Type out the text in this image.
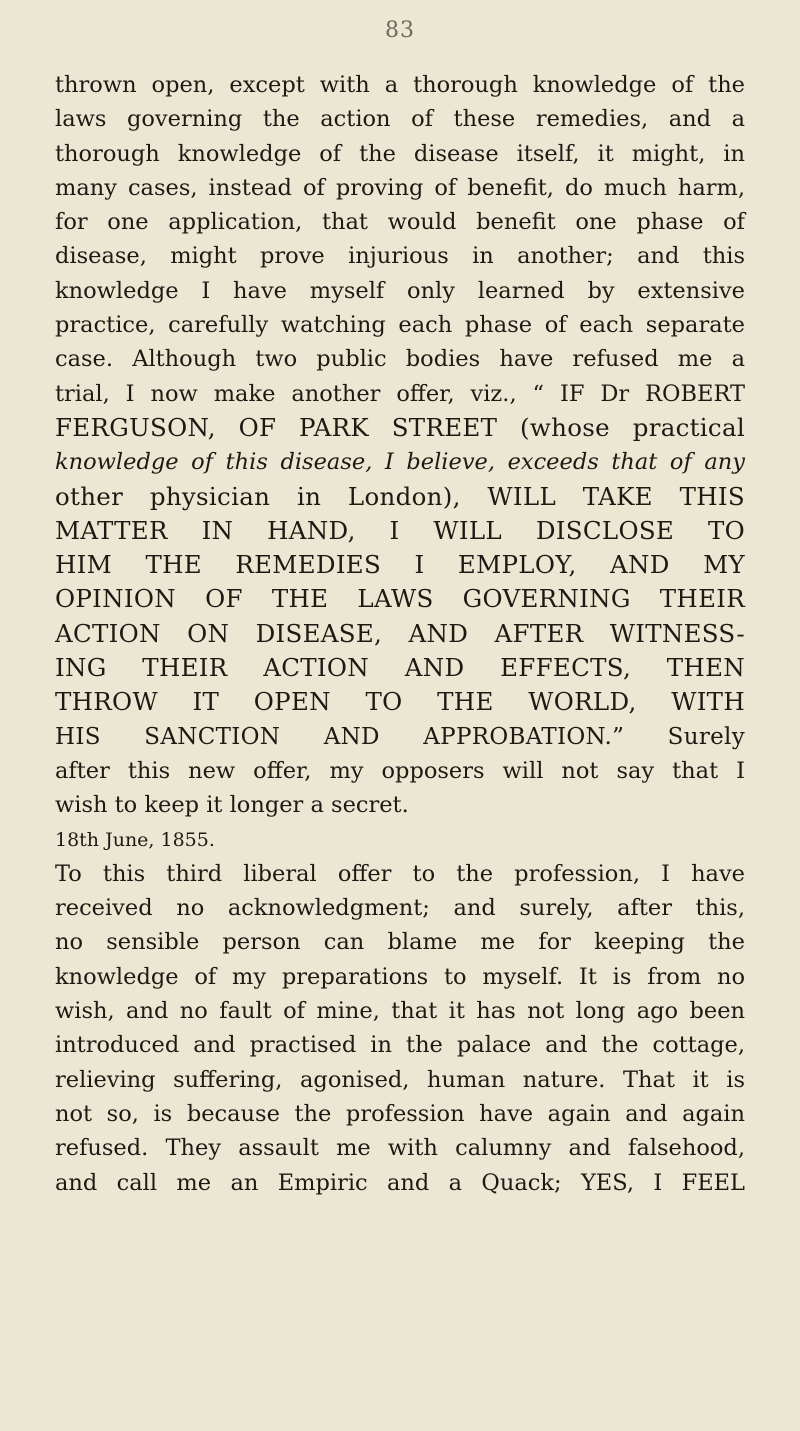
83
thrown open, except with a thorough knowledge of the
laws governing the action of these remedies, and a
thorough knowledge of the disease itself, it might, in
many cases, instead of proving of benefit, do much harm,
for one application, that would benefit one phase of
disease, might prove injurious in another; and this
knowledge I have myself only learned by extensive
practice, carefully watching each phase of each separate
case. Although two public bodies have refused me a
trial, I now make another offer, viz., “ IF Dr ROBERT
FERGUSON, OF PARK STREET (whose practical
knowledge of this disease, I believe, exceeds that of any
other physician in London), WILL TAKE THIS
MATTER IN HAND, I WILL DISCLOSE TO
HIM THE REMEDIES I EMPLOY, AND MY
OPINION OF THE LAWS GOVERNING THEIR
ACTION ON DISEASE, AND AFTER WITNESS-
ING THEIR ACTION AND EFFECTS, THEN
THROW IT OPEN TO THE WORLD, WITH
HIS SANCTION AND APPROBATION.” Surely
after this new offer, my opposers will not say that I
wish to keep it longer a secret.
18th June, 1855.
To this third liberal offer to the profession, I have
received no acknowledgment; and surely, after this,
no sensible person can blame me for keeping the
knowledge of my preparations to myself. It is from no
wish, and no fault of mine, that it has not long ago been
introduced and practised in the palace and the cottage,
relieving suffering, agonised, human nature. That it is
not so, is because the profession have again and again
refused. They assault me with calumny and falsehood,
and call me an Empiric and a Quack; YES, I FEEL
